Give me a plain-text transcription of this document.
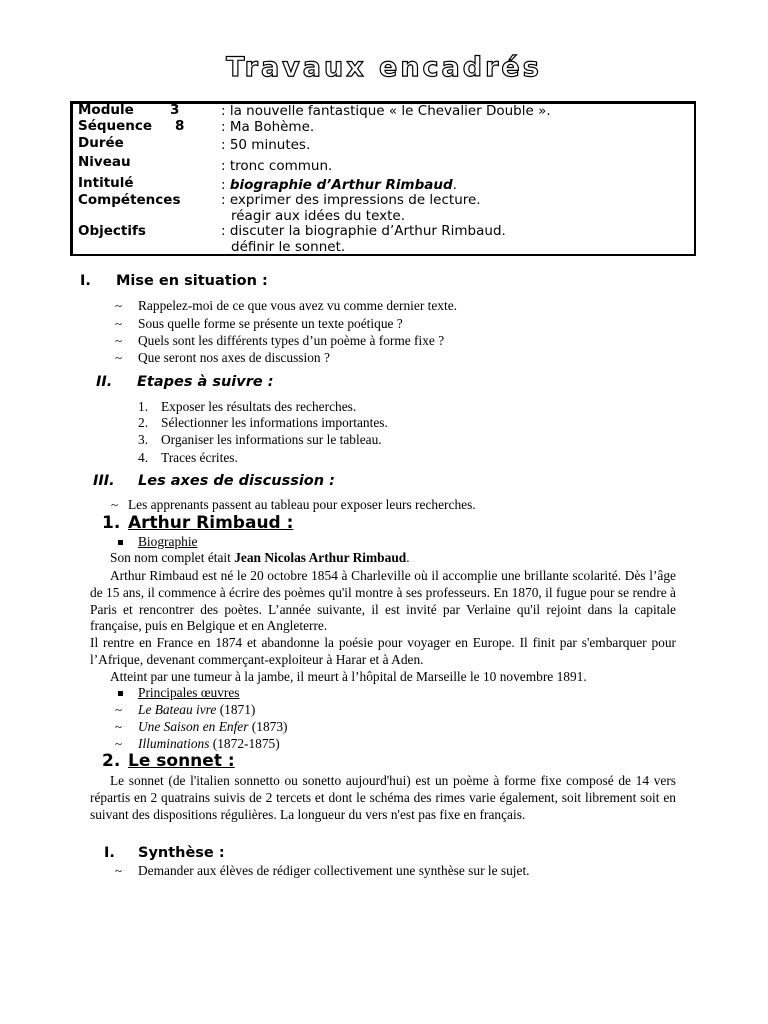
Travaux encadrés
Module	3	: la nouvelle fantastique « le Chevalier Double ».
Séquence 8	: Ma Bohème.
Durée	: 50 minutes.
Niveau	: tronc commun.
Intitulé	: biographie d’Arthur Rimbaud.
Compétences	: exprimer des impressions de lecture.
réagir aux idées du texte.
Objectifs	: discuter la biographie d’Arthur Rimbaud.
définir le sonnet.
I. Mise en situation :
~ Rappelez-moi de ce que vous avez vu comme dernier texte.
~ Sous quelle forme se présente un texte poétique ?
~ Quels sont les différents types d’un poème à forme fixe ?
~ Que seront nos axes de discussion ?
II. Etapes à suivre :
1. Exposer les résultats des recherches.
2. Sélectionner les informations importantes.
3. Organiser les informations sur le tableau.
4. Traces écrites.
III. Les axes de discussion :
~ Les apprenants passent au tableau pour exposer leurs recherches.
1. Arthur Rimbaud :
Biographie
Son nom complet était Jean Nicolas Arthur Rimbaud.

Arthur Rimbaud est né le 20 octobre 1854 à Charleville où il accomplie une brillante scolarité. Dès l’âge de 15 ans, il commence à écrire des poèmes qu'il montre à ses professeurs. En 1870, il fugue pour se rendre à Paris et rencontrer des poètes. L’année suivante, il est invité par Verlaine qu'il rejoint dans la capitale française, puis en Belgique et en Angleterre.

Il rentre en France en 1874 et abandonne la poésie pour voyager en Europe. Il finit par s'embarquer pour l’Afrique, devenant commerçant-exploiteur à Harar et à Aden.

Atteint par une tumeur à la jambe, il meurt à l’hôpital de Marseille le 10 novembre 1891.

Principales œuvres
~ Le Bateau ivre (1871)
~ Une Saison en Enfer (1873)
~ Illuminations (1872-1875)
2. Le sonnet :

Le sonnet (de l'italien sonnetto ou sonetto aujourd'hui) est un poème à forme fixe composé de 14 vers répartis en 2 quatrains suivis de 2 tercets et dont le schéma des rimes varie également, soit librement soit en suivant des dispositions régulières. La longueur du vers n'est pas fixe en français.

I. Synthèse :
~ Demander aux élèves de rédiger collectivement une synthèse sur le sujet.
